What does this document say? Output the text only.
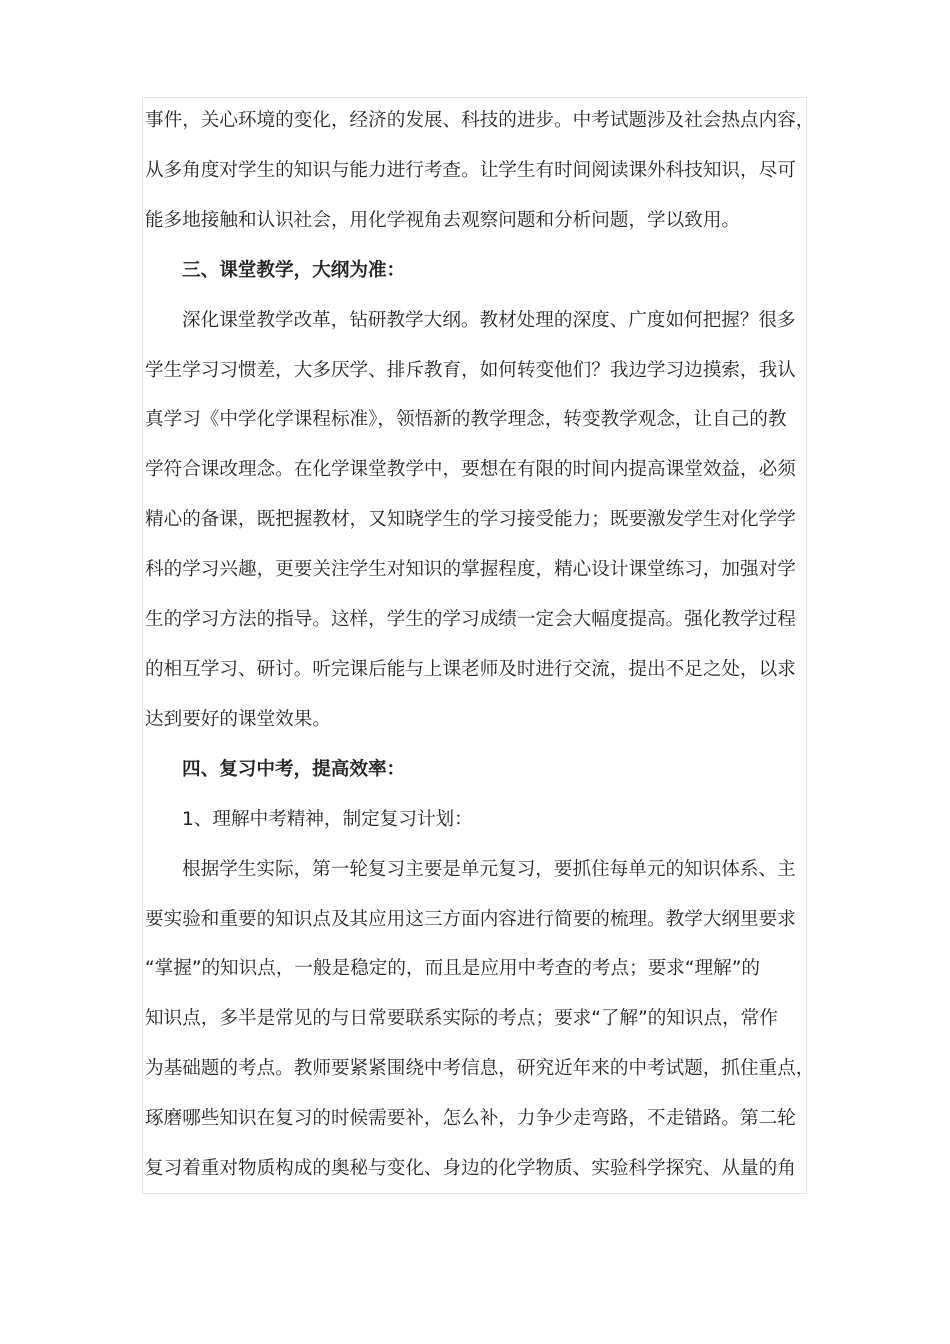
事件，关心环境的变化，经济的发展、科技的进步。中考试题涉及社会热点内容，
从多角度对学生的知识与能力进行考查。让学生有时间阅读课外科技知识，尽可
能多地接触和认识社会，用化学视角去观察问题和分析问题，学以致用。

三、课堂教学，大纲为准：

深化课堂教学改革，钻研教学大纲。教材处理的深度、广度如何把握？很多
学生学习习惯差，大多厌学、排斥教育，如何转变他们？我边学习边摸索，我认
真学习《中学化学课程标准》，领悟新的教学理念，转变教学观念，让自己的教
学符合课改理念。在化学课堂教学中，要想在有限的时间内提高课堂效益，必须
精心的备课，既把握教材，又知晓学生的学习接受能力；既要激发学生对化学学
科的学习兴趣，更要关注学生对知识的掌握程度，精心设计课堂练习，加强对学
生的学习方法的指导。这样，学生的学习成绩一定会大幅度提高。强化教学过程
的相互学习、研讨。听完课后能与上课老师及时进行交流，提出不足之处，以求
达到要好的课堂效果。

四、复习中考，提高效率：

1、理解中考精神，制定复习计划：

根据学生实际，第一轮复习主要是单元复习，要抓住每单元的知识体系、主
要实验和重要的知识点及其应用这三方面内容进行简要的梳理。教学大纲里要求
“掌握”的知识点，一般是稳定的，而且是应用中考查的考点；要求“理解”的
知识点，多半是常见的与日常要联系实际的考点；要求“了解”的知识点，常作
为基础题的考点。教师要紧紧围绕中考信息，研究近年来的中考试题，抓住重点，
琢磨哪些知识在复习的时候需要补，怎么补，力争少走弯路，不走错路。第二轮
复习着重对物质构成的奥秘与变化、身边的化学物质、实验科学探究、从量的角
